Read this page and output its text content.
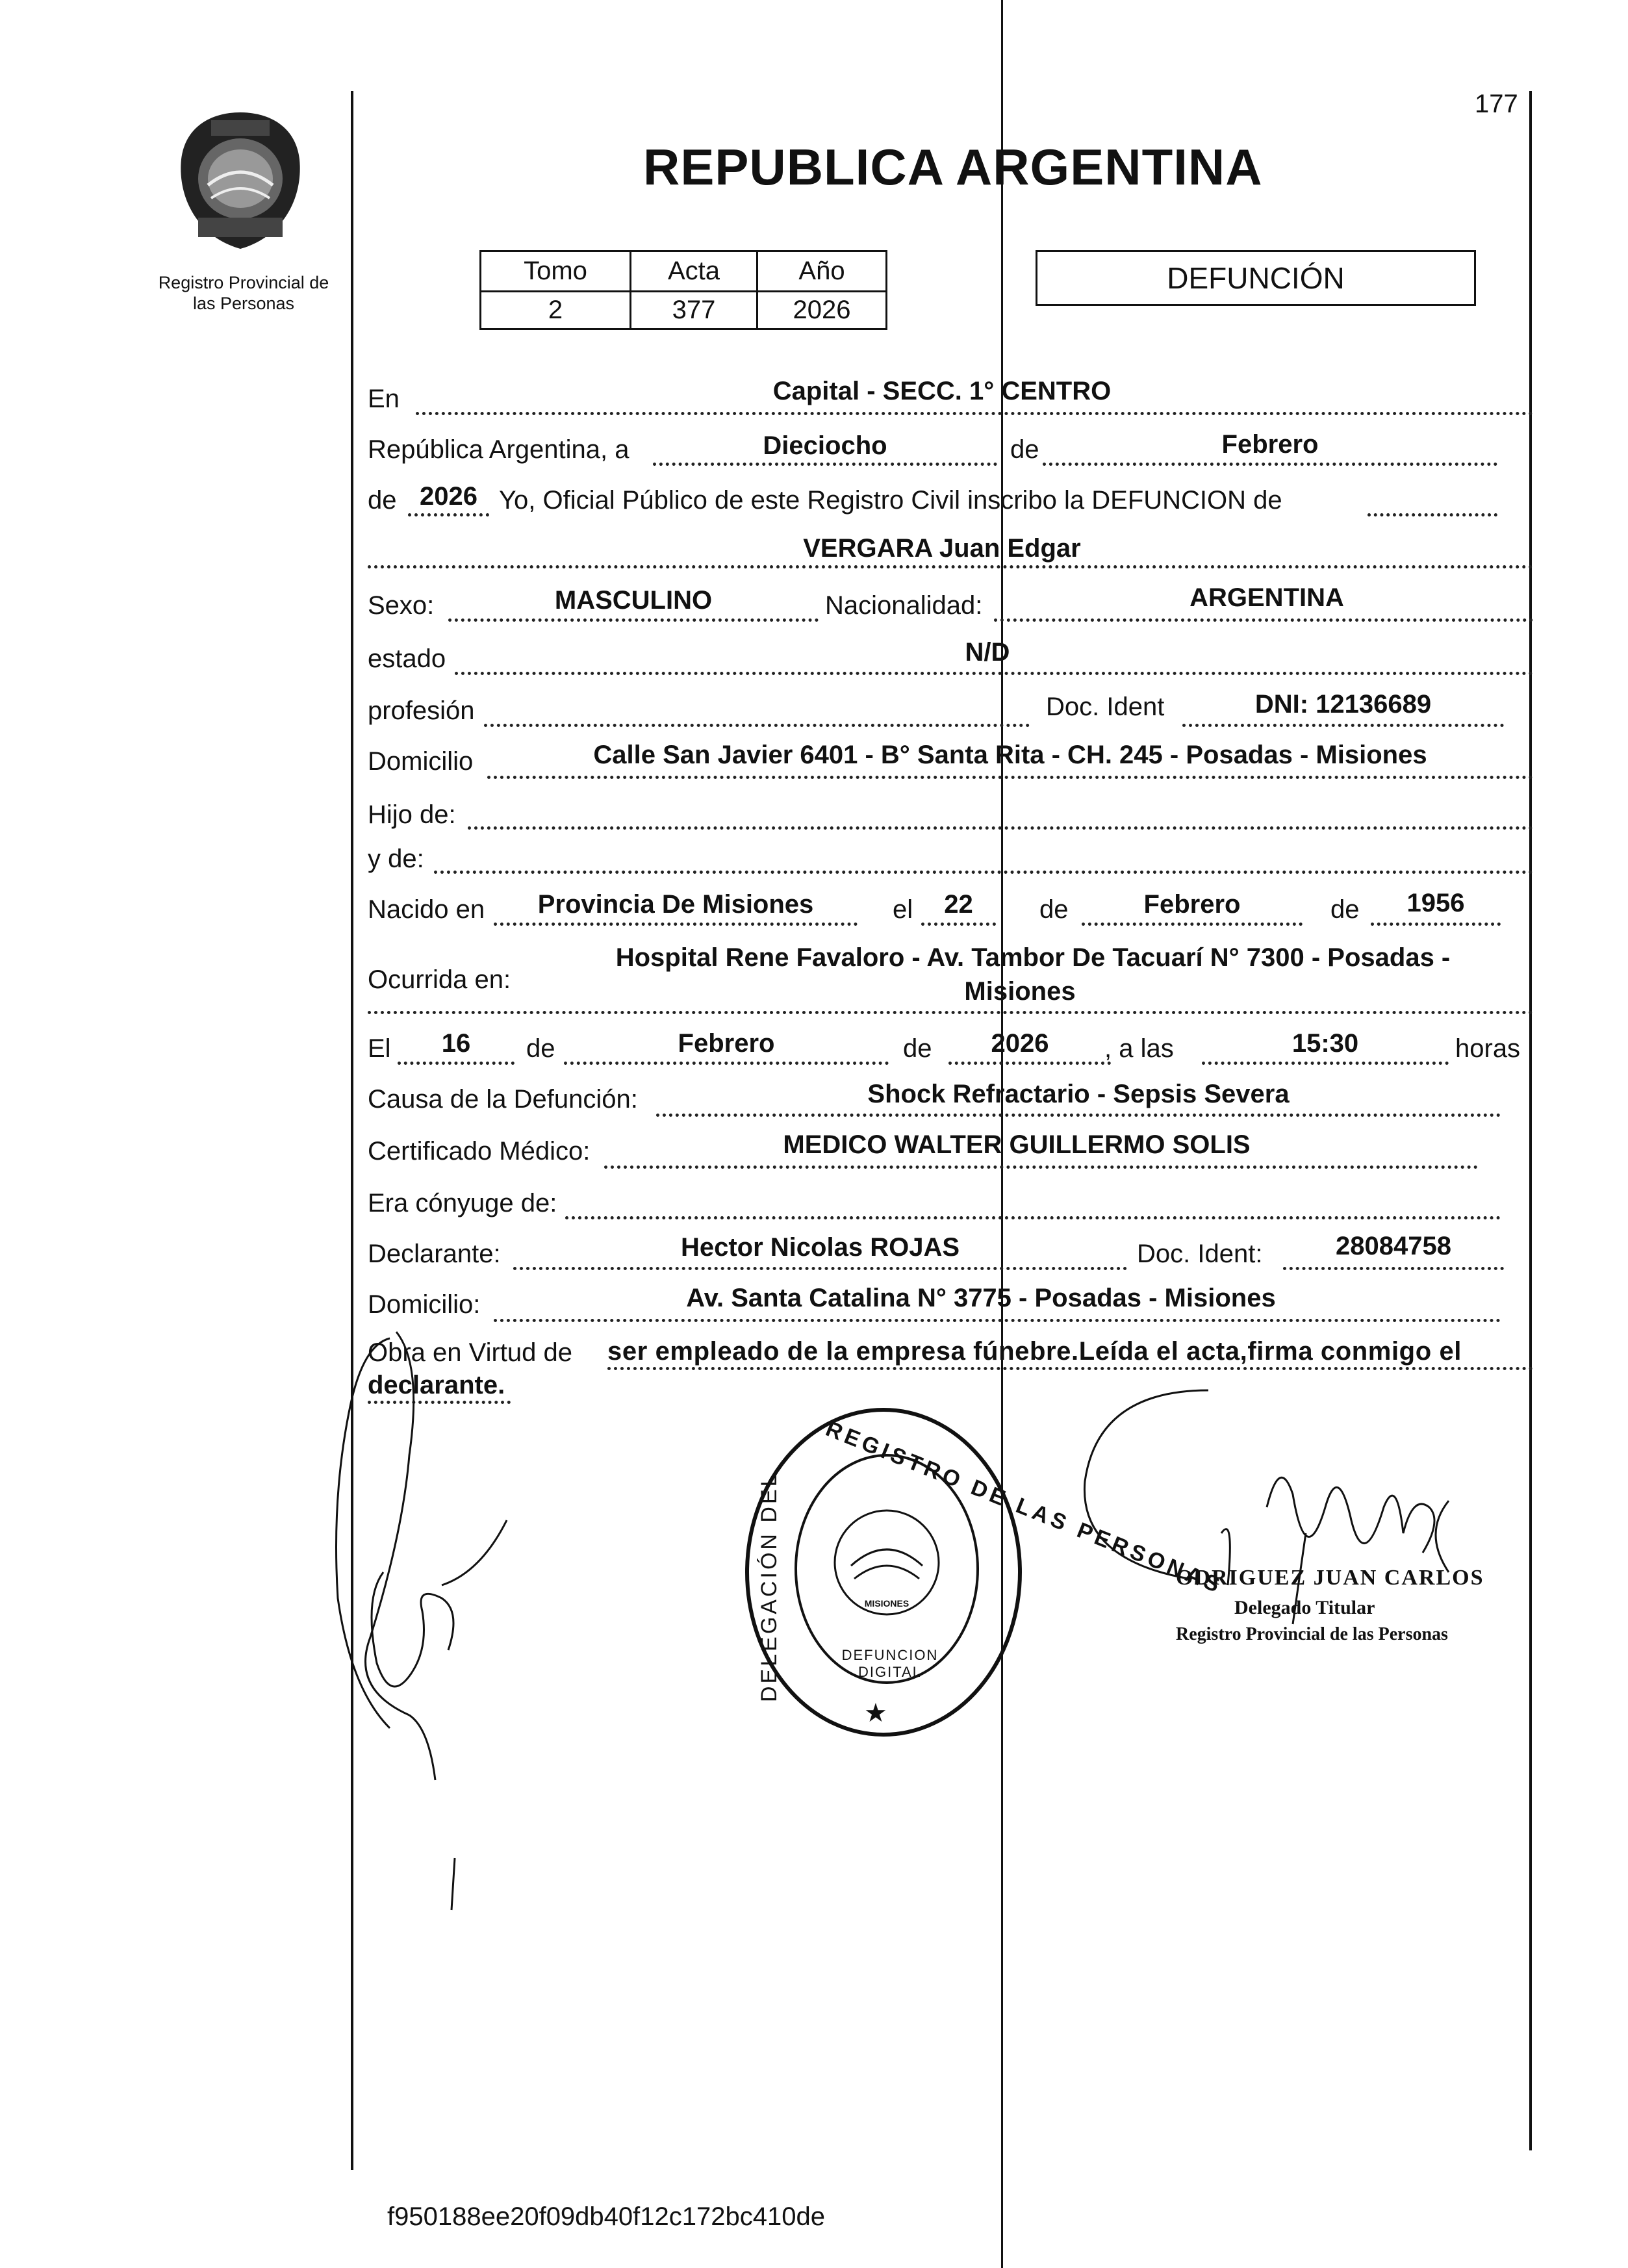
Registro Provincial de
las Personas
177
REPUBLICA ARGENTINA
Tomo	Acta	Año
2	377	2026
DEFUNCIÓN
En	Capital - SECC. 1° CENTRO
República Argentina, a	Dieciocho	de	Febrero
de 2026 Yo, Oficial Público de este Registro Civil inscribo la DEFUNCION de
VERGARA Juan Edgar
Sexo:	MASCULINO	Nacionalidad:	ARGENTINA
estado	N/D
profesión	Doc. Ident	DNI: 12136689
Domicilio	Calle San Javier 6401 - B° Santa Rita - CH. 245 - Posadas - Misiones
Hijo de:
y de:
Nacido en	Provincia De Misiones	el	22	de	Febrero	de	1956
Ocurrida en:
Hospital Rene Favaloro - Av. Tambor De Tacuarí N° 7300 - Posadas -
Misiones
El	16	de	Febrero	de	2026	, a las	15:30	horas
Causa de la Defunción:	Shock Refractario - Sepsis Severa
Certificado Médico:	MEDICO WALTER GUILLERMO SOLIS
Era cónyuge de:
Declarante:	Hector Nicolas ROJAS	Doc. Ident:	28084758
Domicilio:	Av. Santa Catalina N° 3775 - Posadas - Misiones
Obra en Virtud de ser empleado de la empresa fúnebre.Leída el acta,firma conmigo el
declarante.
★
REGISTRO DE LAS PERSONAS
DELEGACIÓN DEL	MISIONES
DEFUNCION DIGITAL
ODRIGUEZ JUAN CARLOS
Delegado Titular
Registro Provincial de las Personas
f950188ee20f09db40f12c172bc410de
